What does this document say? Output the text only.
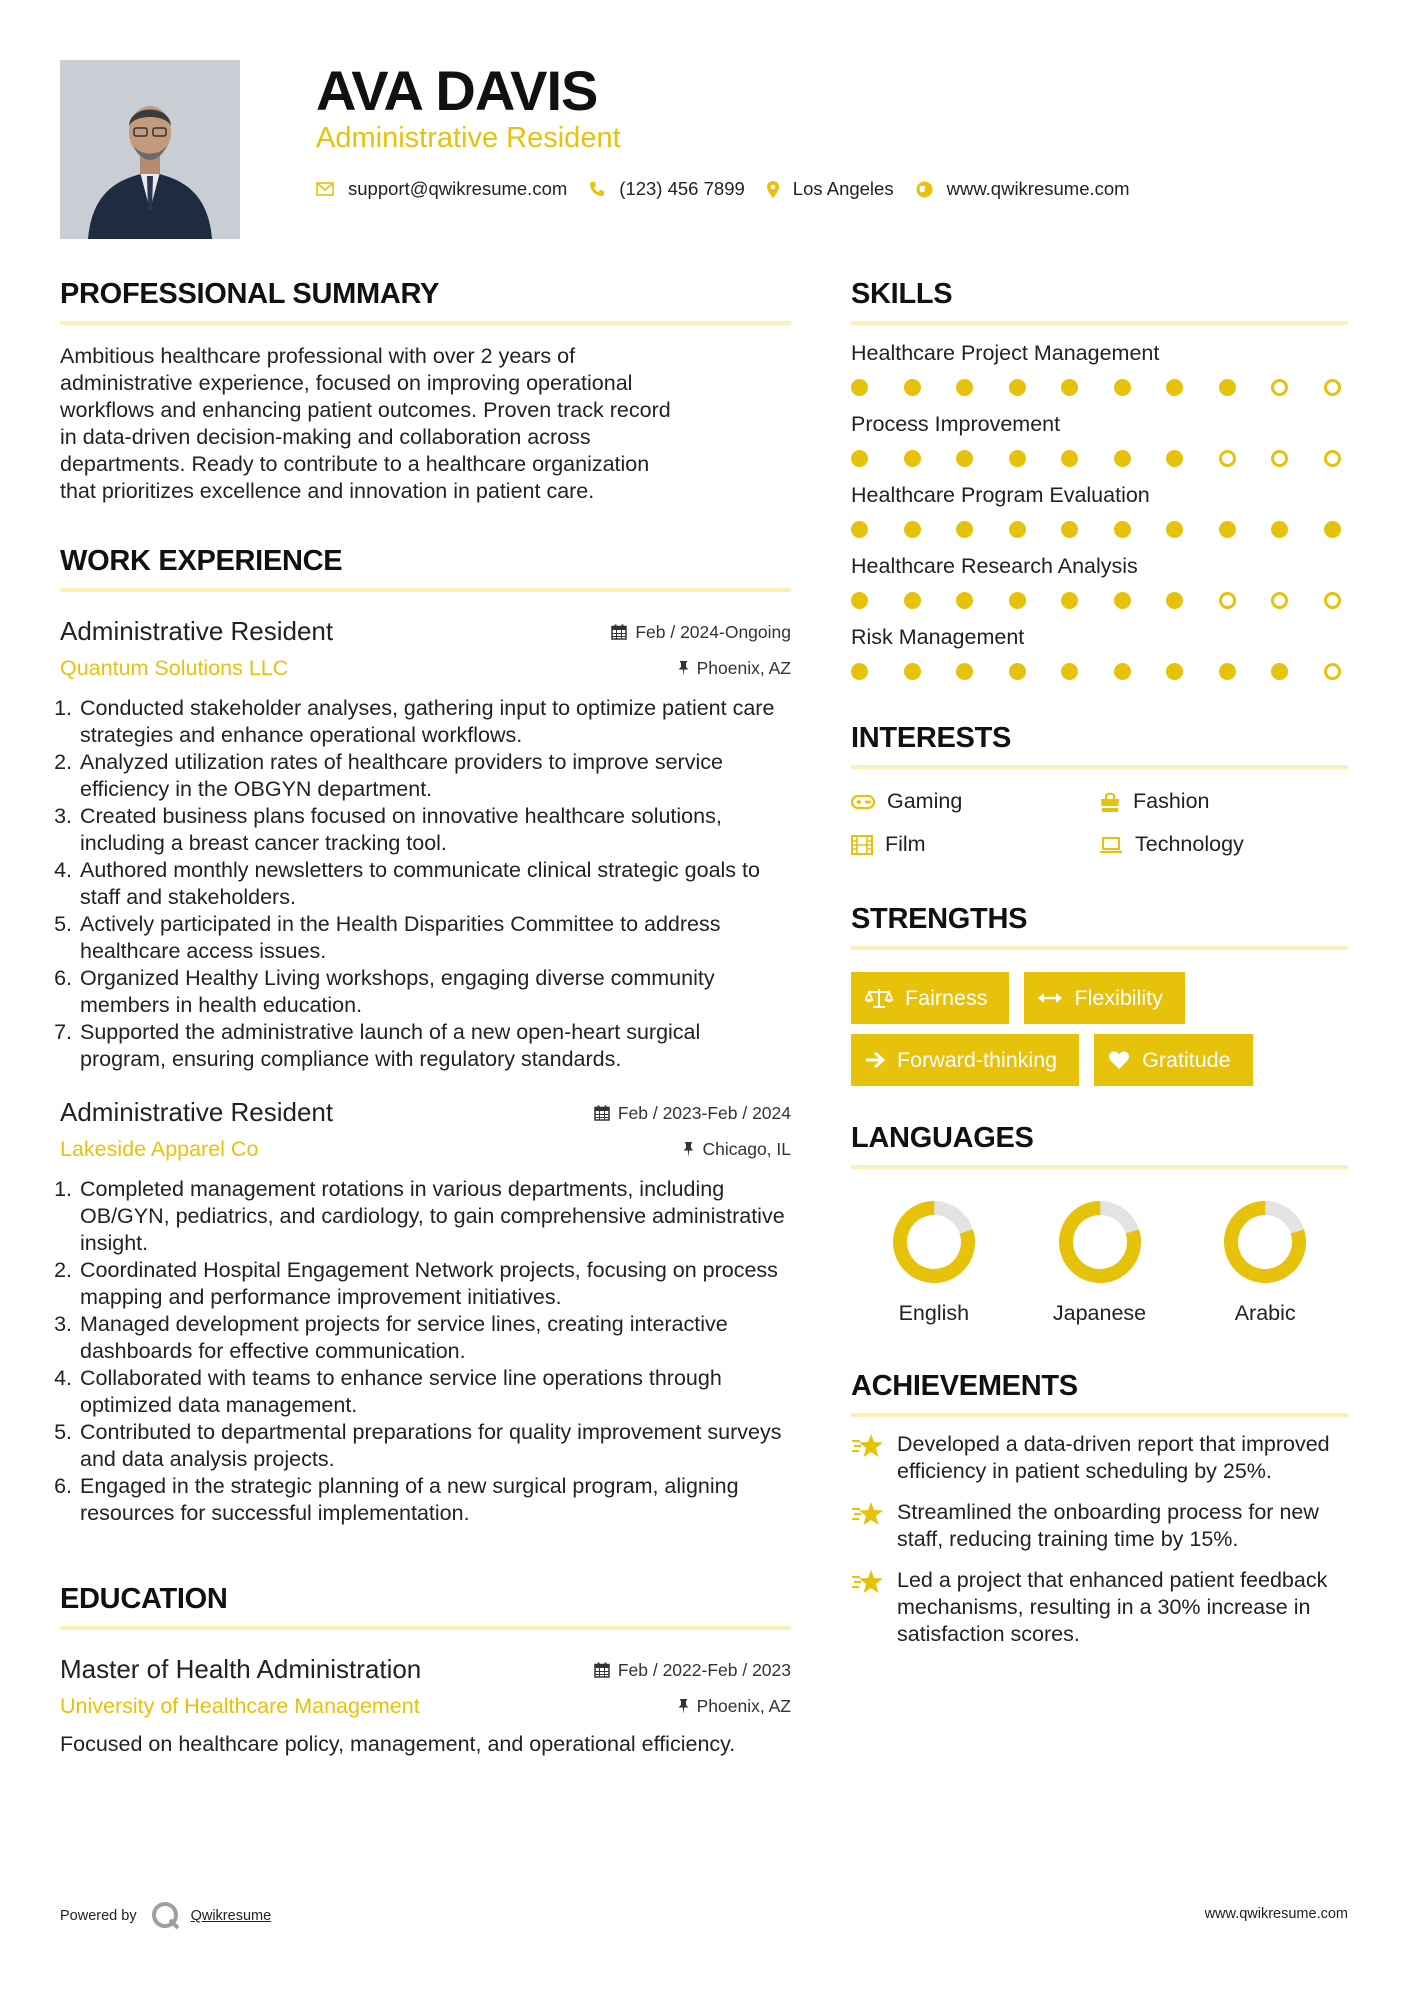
AVA DAVIS
Administrative Resident
support@qwikresume.com	(123) 456 7899	Los Angeles	www.qwikresume.com
PROFESSIONAL SUMMARY

Ambitious healthcare professional with over 2 years of
administrative experience, focused on improving operational
workflows and enhancing patient outcomes. Proven track record
in data-driven decision-making and collaboration across
departments. Ready to contribute to a healthcare organization
that prioritizes excellence and innovation in patient care.

WORK EXPERIENCE
Administrative Resident	Feb / 2024-Ongoing
Quantum Solutions LLC	Phoenix, AZ
1. Conducted stakeholder analyses, gathering input to optimize patient care strategies and enhance operational workflows.
2. Analyzed utilization rates of healthcare providers to improve service efficiency in the OBGYN department.
3. Created business plans focused on innovative healthcare solutions, including a breast cancer tracking tool.
4. Authored monthly newsletters to communicate clinical strategic goals to staff and stakeholders.
5. Actively participated in the Health Disparities Committee to address healthcare access issues.
6. Organized Healthy Living workshops, engaging diverse community members in health education.
7. Supported the administrative launch of a new open-heart surgical program, ensuring compliance with regulatory standards.
Administrative Resident	Feb / 2023-Feb / 2024
Lakeside Apparel Co	Chicago, IL
1. Completed management rotations in various departments, including OB/GYN, pediatrics, and cardiology, to gain comprehensive administrative insight.
2. Coordinated Hospital Engagement Network projects, focusing on process mapping and performance improvement initiatives.
3. Managed development projects for service lines, creating interactive dashboards for effective communication.
4. Collaborated with teams to enhance service line operations through optimized data management.
5. Contributed to departmental preparations for quality improvement surveys and data analysis projects.
6. Engaged in the strategic planning of a new surgical program, aligning resources for successful implementation.
EDUCATION
Master of Health Administration	Feb / 2022-Feb / 2023
University of Healthcare Management	Phoenix, AZ

Focused on healthcare policy, management, and operational efficiency.

SKILLS
Healthcare Project Management
Process Improvement
Healthcare Program Evaluation
Healthcare Research Analysis
Risk Management
INTERESTS
Gaming	Fashion
Film	Technology
STRENGTHS
Fairness	Flexibility
Forward-thinking	Gratitude
LANGUAGES
English	Japanese	Arabic
ACHIEVEMENTS
Developed a data-driven report that improved efficiency in patient scheduling by 25%.
Streamlined the onboarding process for new staff, reducing training time by 15%.
Led a project that enhanced patient feedback mechanisms, resulting in a 30% increase in satisfaction scores.
Powered by	Qwikresume	www.qwikresume.com
